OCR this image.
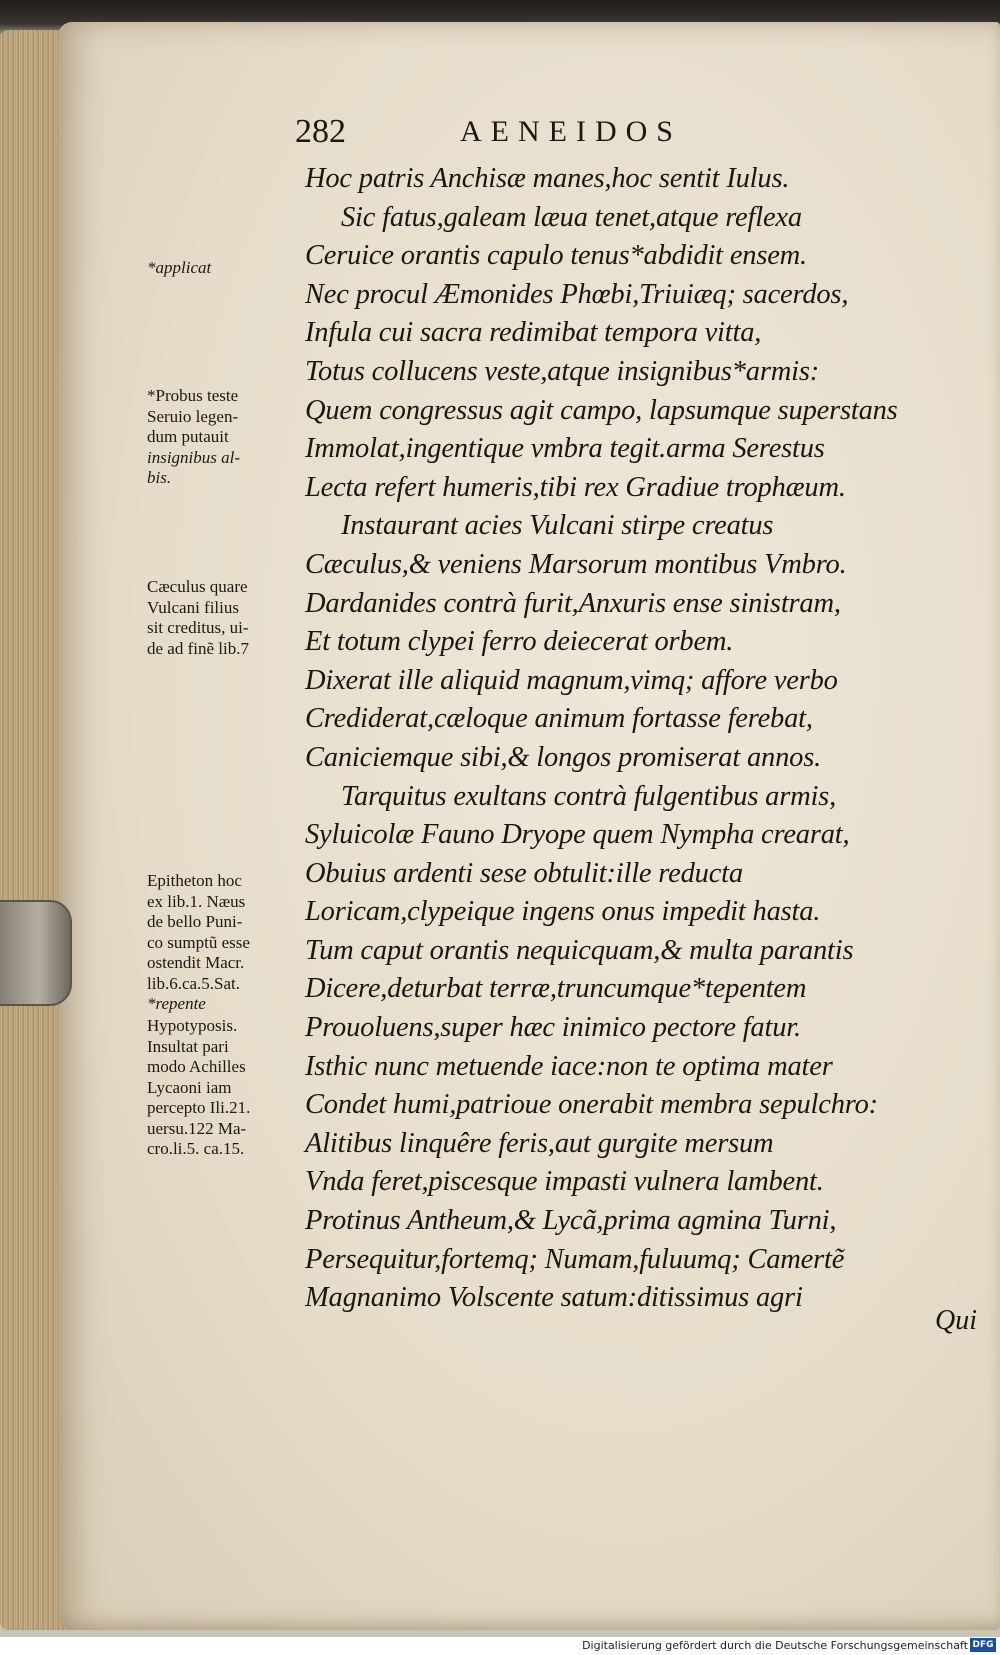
282	AENEIDOS
Hoc patris Anchisæ manes,hoc sentit Iulus.
Sic fatus,galeam læua tenet,atque reflexa
Ceruice orantis capulo tenus*abdidit ensem.
Nec procul Æmonides Phœbi,Triuiæq; sacerdos,
Infula cui sacra redimibat tempora vitta,
Totus collucens veste,atque insignibus*armis:
Quem congressus agit campo, lapsumque superstans
Immolat,ingentique vmbra tegit.arma Serestus
Lecta refert humeris,tibi rex Gradiue trophæum.
Instaurant acies Vulcani stirpe creatus
Cæculus,& veniens Marsorum montibus Vmbro.
Dardanides contrà furit,Anxuris ense sinistram,
Et totum clypei ferro deiecerat orbem.
Dixerat ille aliquid magnum,vimq; affore verbo
Crediderat,cæloque animum fortasse ferebat,
Caniciemque sibi,& longos promiserat annos.
Tarquitus exultans contrà fulgentibus armis,
Syluicolæ Fauno Dryope quem Nympha crearat,
Obuius ardenti sese obtulit:ille reducta
Loricam,clypeique ingens onus impedit hasta.
Tum caput orantis nequicquam,& multa parantis
Dicere,deturbat terræ,truncumque*tepentem
Prouoluens,super hæc inimico pectore fatur.
Isthic nunc metuende iace:non te optima mater
Condet humi,patrioue onerabit membra sepulchro:
Alitibus linquêre feris,aut gurgite mersum
Vnda feret,piscesque impasti vulnera lambent.
Protinus Antheum,& Lycã,prima agmina Turni,
Persequitur,fortemq; Numam,fuluumq; Camertẽ
Magnanimo Volscente satum:ditissimus agri
*applicat
*Probus teste
Seruio legen-
dum putauit
insignibus al-
bis.
Cæculus quare
Vulcani filius
sit creditus, ui-
de ad finẽ lib.7
Epitheton hoc
ex lib.1. Næus
de bello Puni-
co sumptũ esse
ostendit Macr.
lib.6.ca.5.Sat.
*repente
Hypotyposis.
Insultat pari
modo Achilles
Lycaoni iam
percepto Ili.21.
uersu.122 Ma-
cro.li.5. ca.15.
Qui
Digitalisierung gefördert durch die Deutsche Forschungsgemeinschaft DFG
